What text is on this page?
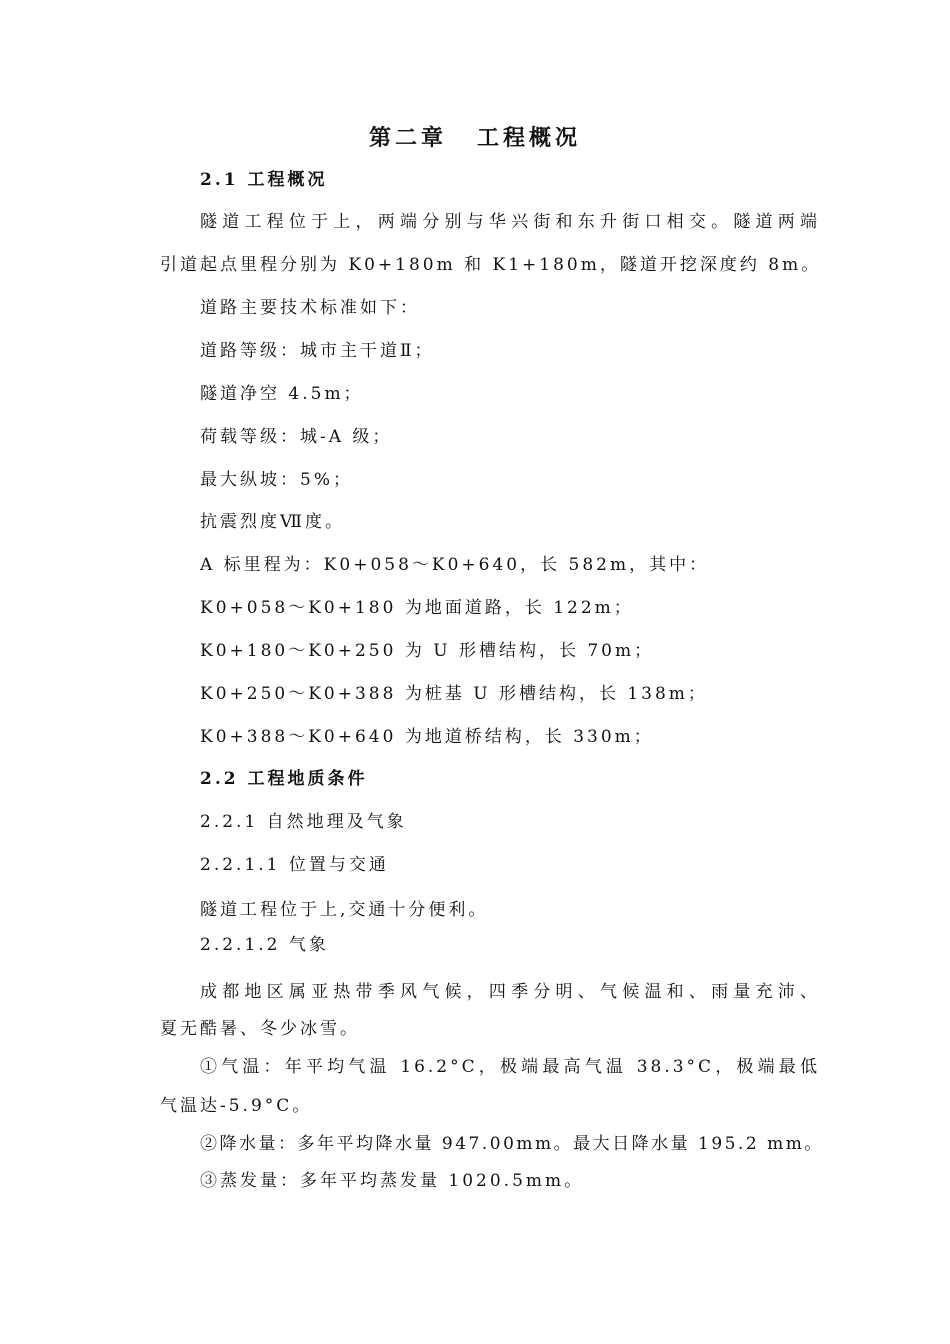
第二章 工程概况
2.1 工程概况
隧道工程位于上，两端分别与华兴街和东升街口相交。隧道两端
引道起点里程分别为 K0+180m 和 K1+180m，隧道开挖深度约 8m。
道路主要技术标准如下：
道路等级：城市主干道Ⅱ；
隧道净空 4.5m；
荷载等级：城-A 级；
最大纵坡：5%；
抗震烈度Ⅶ度。
A 标里程为：K0+058～K0+640，长 582m，其中：
K0+058～K0+180 为地面道路，长 122m；
K0+180～K0+250 为 U 形槽结构，长 70m；
K0+250～K0+388 为桩基 U 形槽结构，长 138m；
K0+388～K0+640 为地道桥结构，长 330m；
2.2 工程地质条件
2.2.1 自然地理及气象
2.2.1.1 位置与交通
隧道工程位于上,交通十分便利。
2.2.1.2 气象
成都地区属亚热带季风气候，四季分明、气候温和、雨量充沛、
夏无酷暑、冬少冰雪。
①气温：年平均气温 16.2°C，极端最高气温 38.3°C，极端最低
气温达-5.9°C。
②降水量：多年平均降水量 947.00mm。最大日降水量 195.2 mm。
③蒸发量：多年平均蒸发量 1020.5mm。
